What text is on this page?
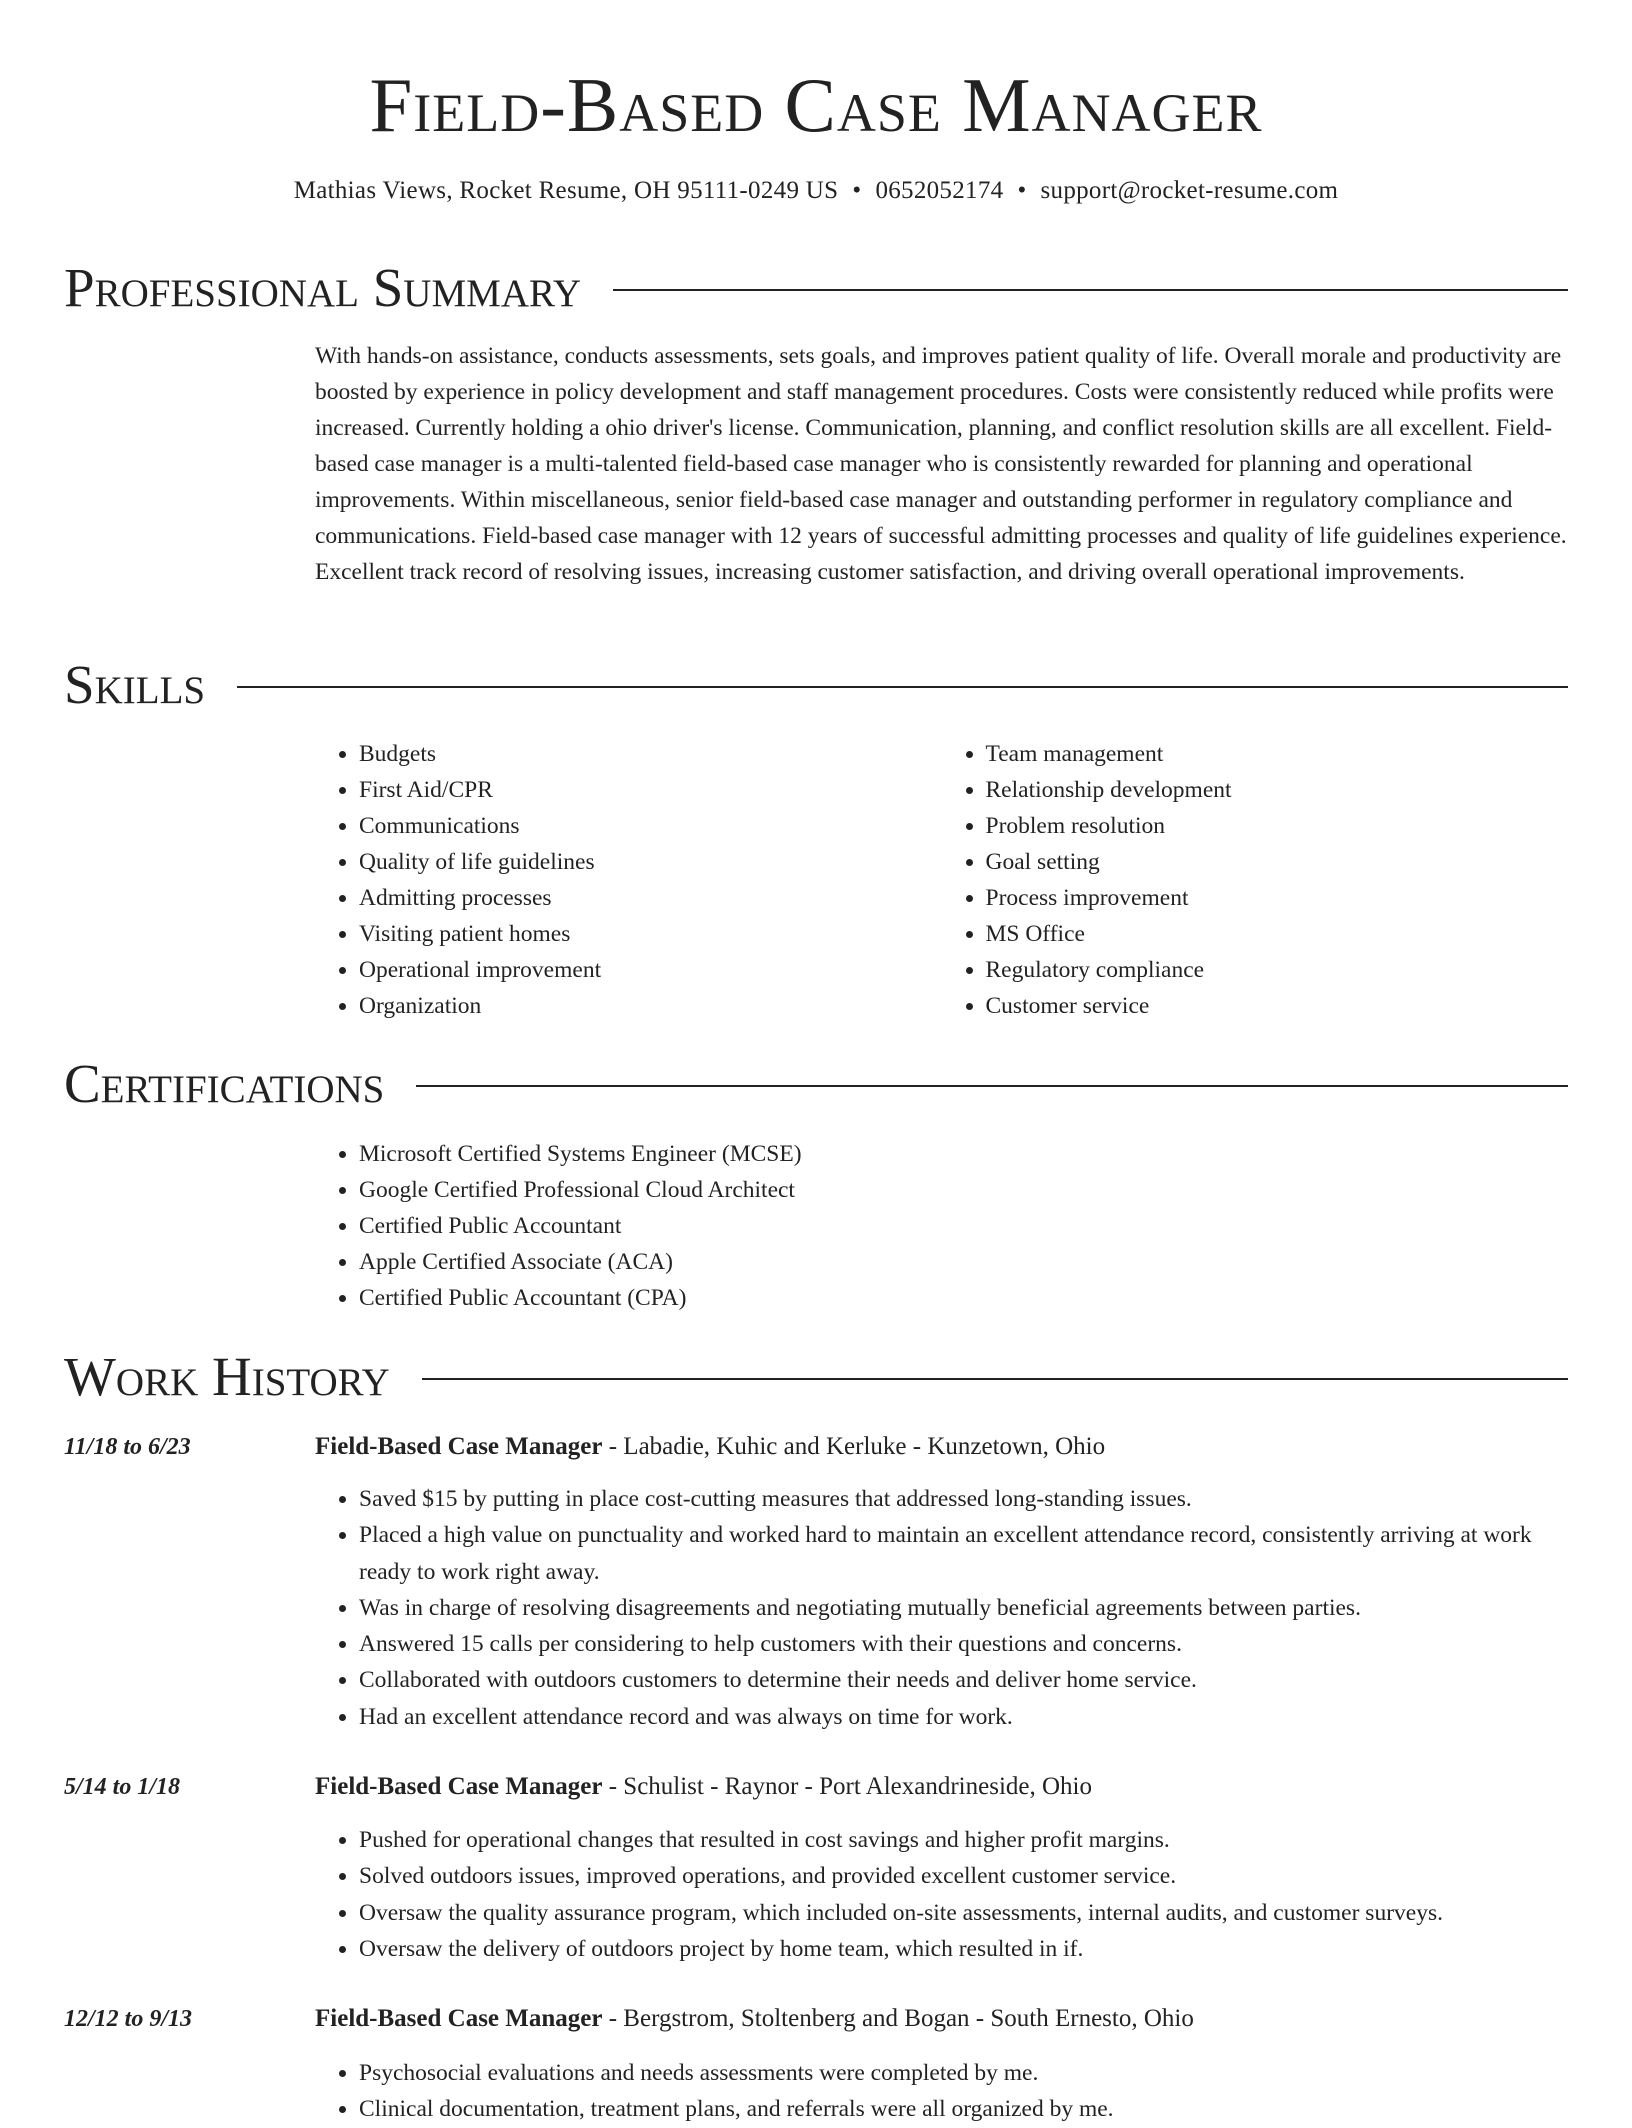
Field-Based Case Manager
Mathias Views, Rocket Resume, OH 95111-0249 US • 0652052174 • support@rocket-resume.com
Professional Summary
With hands-on assistance, conducts assessments, sets goals, and improves patient quality of life. Overall morale and productivity are boosted by experience in policy development and staff management procedures. Costs were consistently reduced while profits were increased. Currently holding a ohio driver's license. Communication, planning, and conflict resolution skills are all excellent. Field-based case manager is a multi-talented field-based case manager who is consistently rewarded for planning and operational improvements. Within miscellaneous, senior field-based case manager and outstanding performer in regulatory compliance and communications. Field-based case manager with 12 years of successful admitting processes and quality of life guidelines experience. Excellent track record of resolving issues, increasing customer satisfaction, and driving overall operational improvements.
Skills
• Budgets
• First Aid/CPR
• Communications
• Quality of life guidelines
• Admitting processes
• Visiting patient homes
• Operational improvement
• Organization
• Team management
• Relationship development
• Problem resolution
• Goal setting
• Process improvement
• MS Office
• Regulatory compliance
• Customer service
Certifications
• Microsoft Certified Systems Engineer (MCSE)
• Google Certified Professional Cloud Architect
• Certified Public Accountant
• Apple Certified Associate (ACA)
• Certified Public Accountant (CPA)
Work History
11/18 to 6/23	Field-Based Case Manager - Labadie, Kuhic and Kerluke - Kunzetown, Ohio
• Saved $15 by putting in place cost-cutting measures that addressed long-standing issues.
• Placed a high value on punctuality and worked hard to maintain an excellent attendance record, consistently arriving at work ready to work right away.
• Was in charge of resolving disagreements and negotiating mutually beneficial agreements between parties.
• Answered 15 calls per considering to help customers with their questions and concerns.
• Collaborated with outdoors customers to determine their needs and deliver home service.
• Had an excellent attendance record and was always on time for work.
5/14 to 1/18	Field-Based Case Manager - Schulist - Raynor - Port Alexandrineside, Ohio
• Pushed for operational changes that resulted in cost savings and higher profit margins.
• Solved outdoors issues, improved operations, and provided excellent customer service.
• Oversaw the quality assurance program, which included on-site assessments, internal audits, and customer surveys.
• Oversaw the delivery of outdoors project by home team, which resulted in if.
12/12 to 9/13	Field-Based Case Manager - Bergstrom, Stoltenberg and Bogan - South Ernesto, Ohio
• Psychosocial evaluations and needs assessments were completed by me.
• Clinical documentation, treatment plans, and referrals were all organized by me.
